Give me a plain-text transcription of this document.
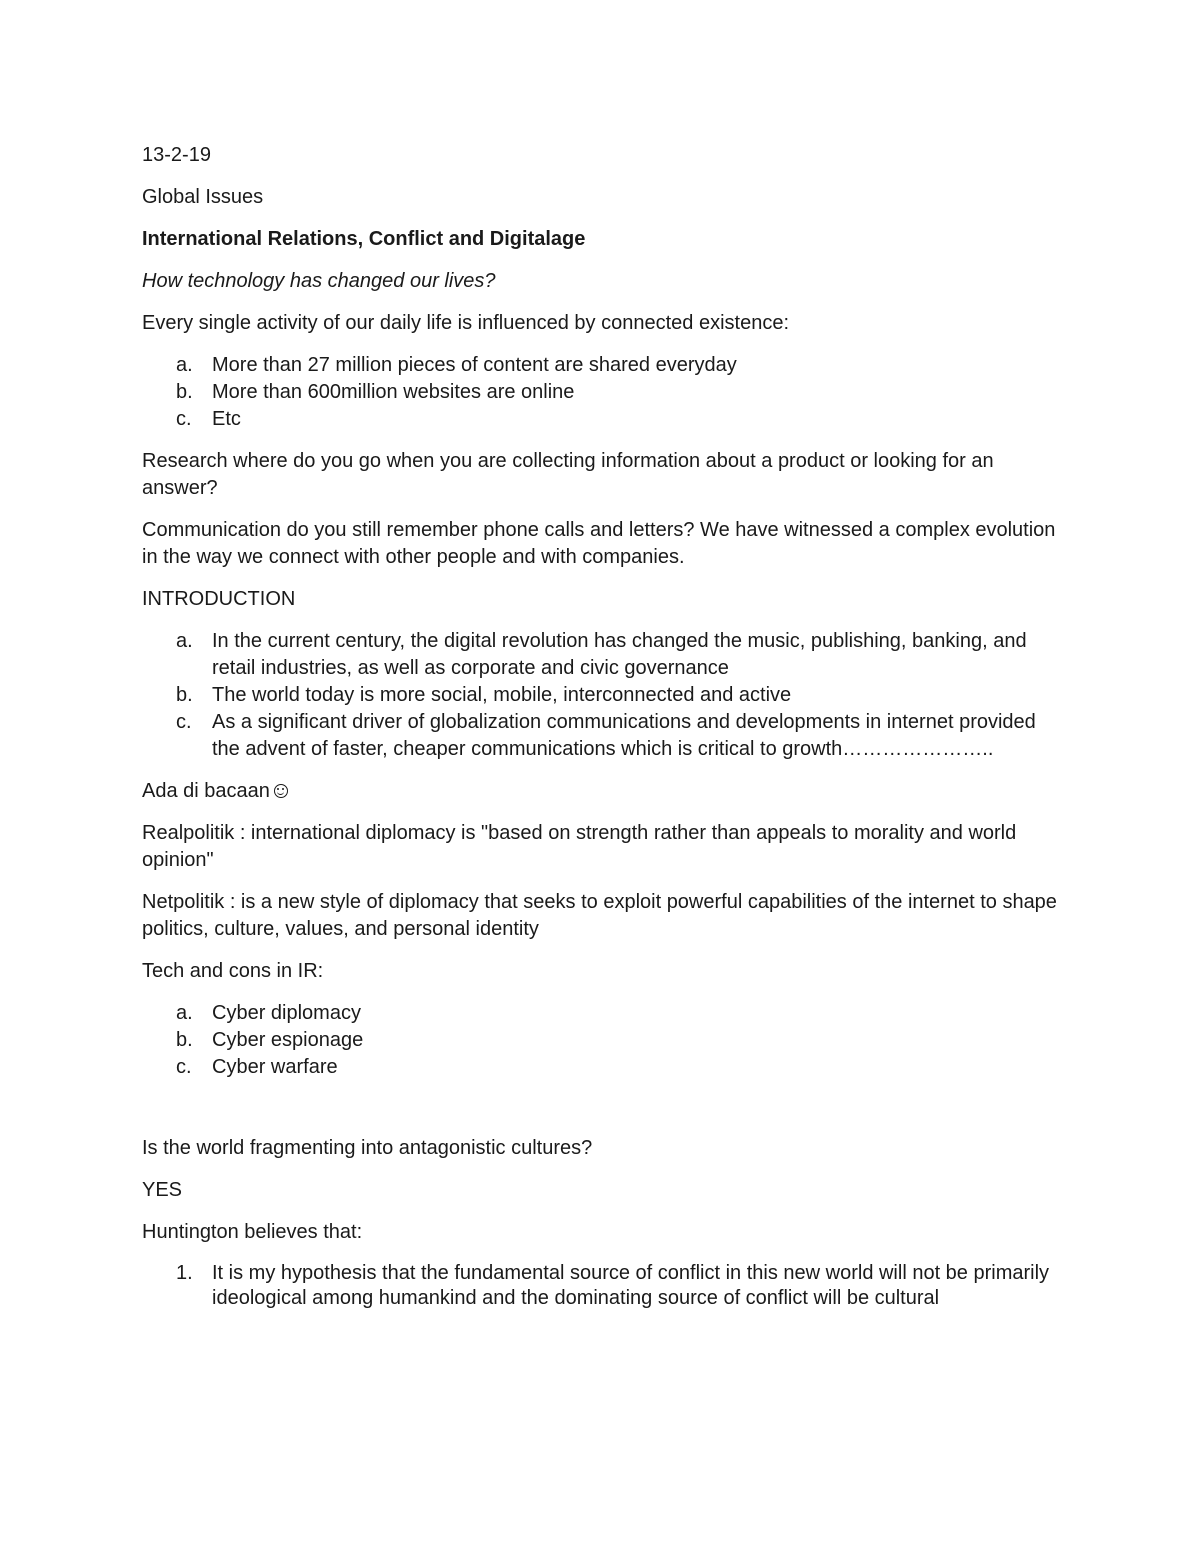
13-2-19

Global Issues

International Relations, Conflict and Digitalage

How technology has changed our lives?

Every single activity of our daily life is influenced by connected existence:

a. More than 27 million pieces of content are shared everyday
b. More than 600million websites are online
c. Etc

Research where do you go when you are collecting information about a product or looking for an answer?

Communication do you still remember phone calls and letters? We have witnessed a complex evolution in the way we connect with other people and with companies.

INTRODUCTION

a. In the current century, the digital revolution has changed the music, publishing, banking, and retail industries, as well as corporate and civic governance
b. The world today is more social, mobile, interconnected and active
c. As a significant driver of globalization communications and developments in internet provided the advent of faster, cheaper communications which is critical to growth…………………..

Ada di bacaan

Realpolitik : international diplomacy is "based on strength rather than appeals to morality and world opinion"

Netpolitik : is a new style of diplomacy that seeks to exploit powerful capabilities of the internet to shape politics, culture, values, and personal identity

Tech and cons in IR:

a. Cyber diplomacy
b. Cyber espionage
c. Cyber warfare

Is the world fragmenting into antagonistic cultures?

YES

Huntington believes that:

1. It is my hypothesis that the fundamental source of conflict in this new world will not be primarily ideological among humankind and the dominating source of conflict will be cultural
